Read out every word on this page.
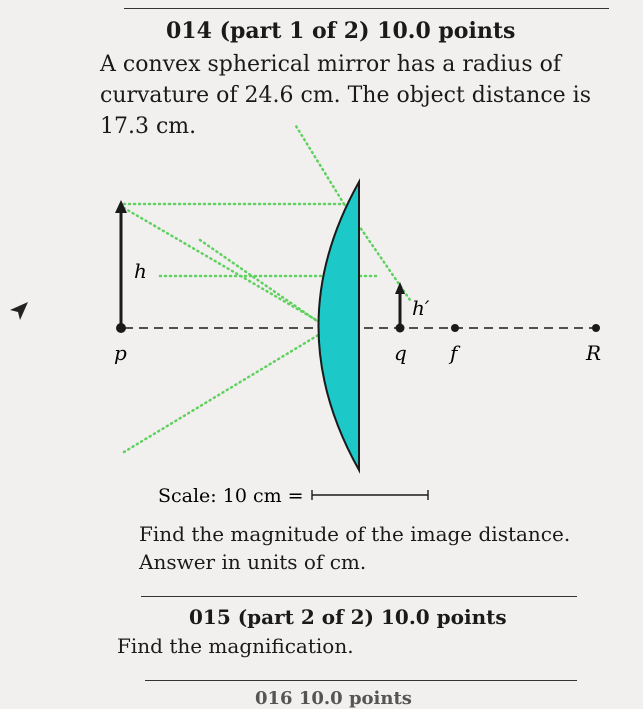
014 (part 1 of 2) 10.0 points
A convex spherical mirror has a radius of curvature of 24.6 cm. The object distance is 17.3 cm.
h
h′
p	q f	R
Scale: 10 cm =
Find the magnitude of the image distance.
Answer in units of cm.
015 (part 2 of 2) 10.0 points
Find the magnification.
016 10.0 points
